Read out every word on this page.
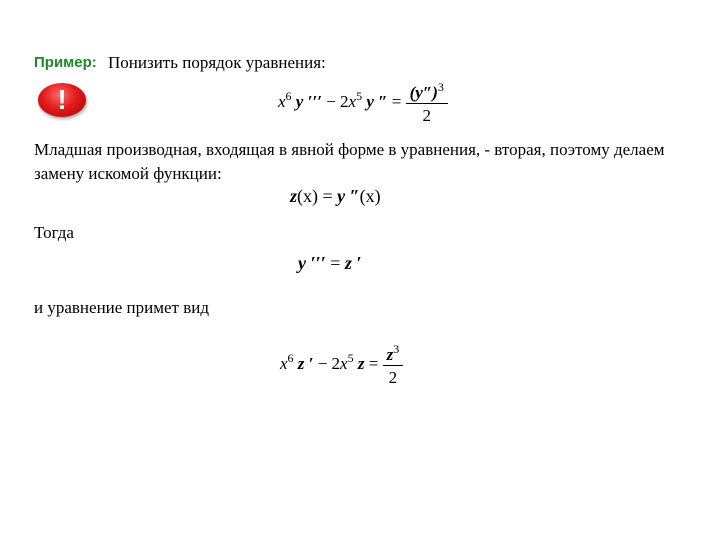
Пример: Понизить порядок уравнения:
!	$x^6$ y ′′′ − $2x^5$ y ″ = $\frac{(y'')^3}{2}$
Младшая производная, входящая в явной форме в уравнения, - вторая, поэтому делаем замену искомой функции:
z(x) = y ″(x)
Тогда
y ′′′ = z ′
и уравнение примет вид
$x^6$ z ′ − $2x^5$ $z = \frac{z^3}{2}$
